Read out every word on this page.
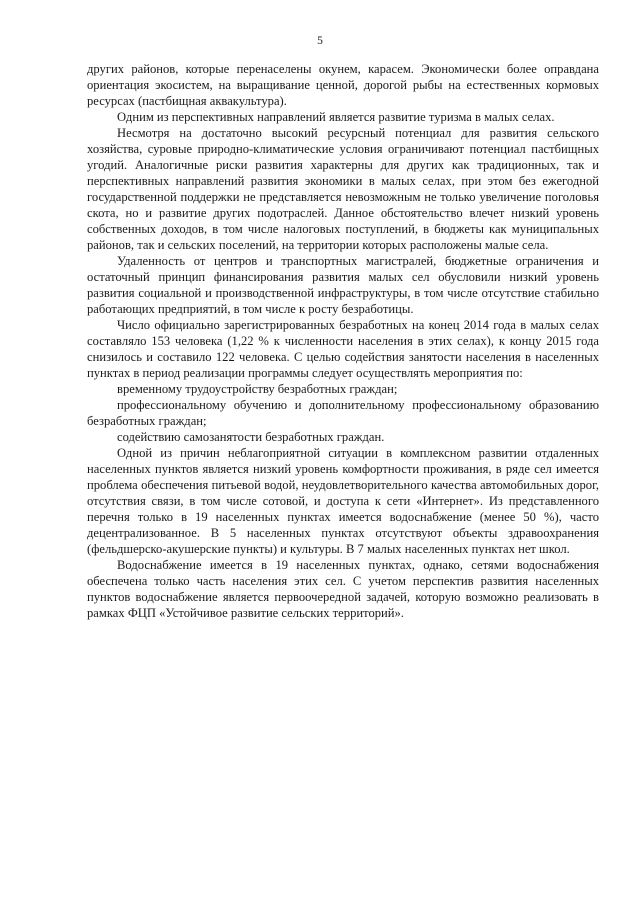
5

других районов, которые перенаселены окунем, карасем. Экономически более оправдана ориентация экосистем, на выращивание ценной, дорогой рыбы на естественных кормовых ресурсах (пастбищная аквакультура).

Одним из перспективных направлений является развитие туризма в малых селах.

Несмотря на достаточно высокий ресурсный потенциал для развития сельского хозяйства, суровые природно-климатические условия ограничивают потенциал пастбищных угодий. Аналогичные риски развития характерны для других как традиционных, так и перспективных направлений развития экономики в малых селах, при этом без ежегодной государственной поддержки не представляется невозможным не только увеличение поголовья скота, но и развитие других подотраслей. Данное обстоятельство влечет низкий уровень собственных доходов, в том числе налоговых поступлений, в бюджеты как муниципальных районов, так и сельских поселений, на территории которых расположены малые села.

Удаленность от центров и транспортных магистралей, бюджетные ограничения и остаточный принцип финансирования развития малых сел обусловили низкий уровень развития социальной и производственной инфраструктуры, в том числе отсутствие стабильно работающих предприятий, в том числе к росту безработицы.

Число официально зарегистрированных безработных на конец 2014 года в малых селах составляло 153 человека (1,22 % к численности населения в этих селах), к концу 2015 года снизилось и составило 122 человека. С целью содействия занятости населения в населенных пунктах в период реализации программы следует осуществлять мероприятия по:

временному трудоустройству безработных граждан;

профессиональному обучению и дополнительному профессиональному образованию безработных граждан;

содействию самозанятости безработных граждан.

Одной из причин неблагоприятной ситуации в комплексном развитии отдаленных населенных пунктов является низкий уровень комфортности проживания, в ряде сел имеется проблема обеспечения питьевой водой, неудовлетворительного качества автомобильных дорог, отсутствия связи, в том числе сотовой, и доступа к сети «Интернет». Из представленного перечня только в 19 населенных пунктах имеется водоснабжение (менее 50 %), часто децентрализованное. В 5 населенных пунктах отсутствуют объекты здравоохранения (фельдшерско-акушерские пункты) и культуры. В 7 малых населенных пунктах нет школ.

Водоснабжение имеется в 19 населенных пунктах, однако, сетями водоснабжения обеспечена только часть населения этих сел. С учетом перспектив развития населенных пунктов водоснабжение является первоочередной задачей, которую возможно реализовать в рамках ФЦП «Устойчивое развитие сельских территорий».
